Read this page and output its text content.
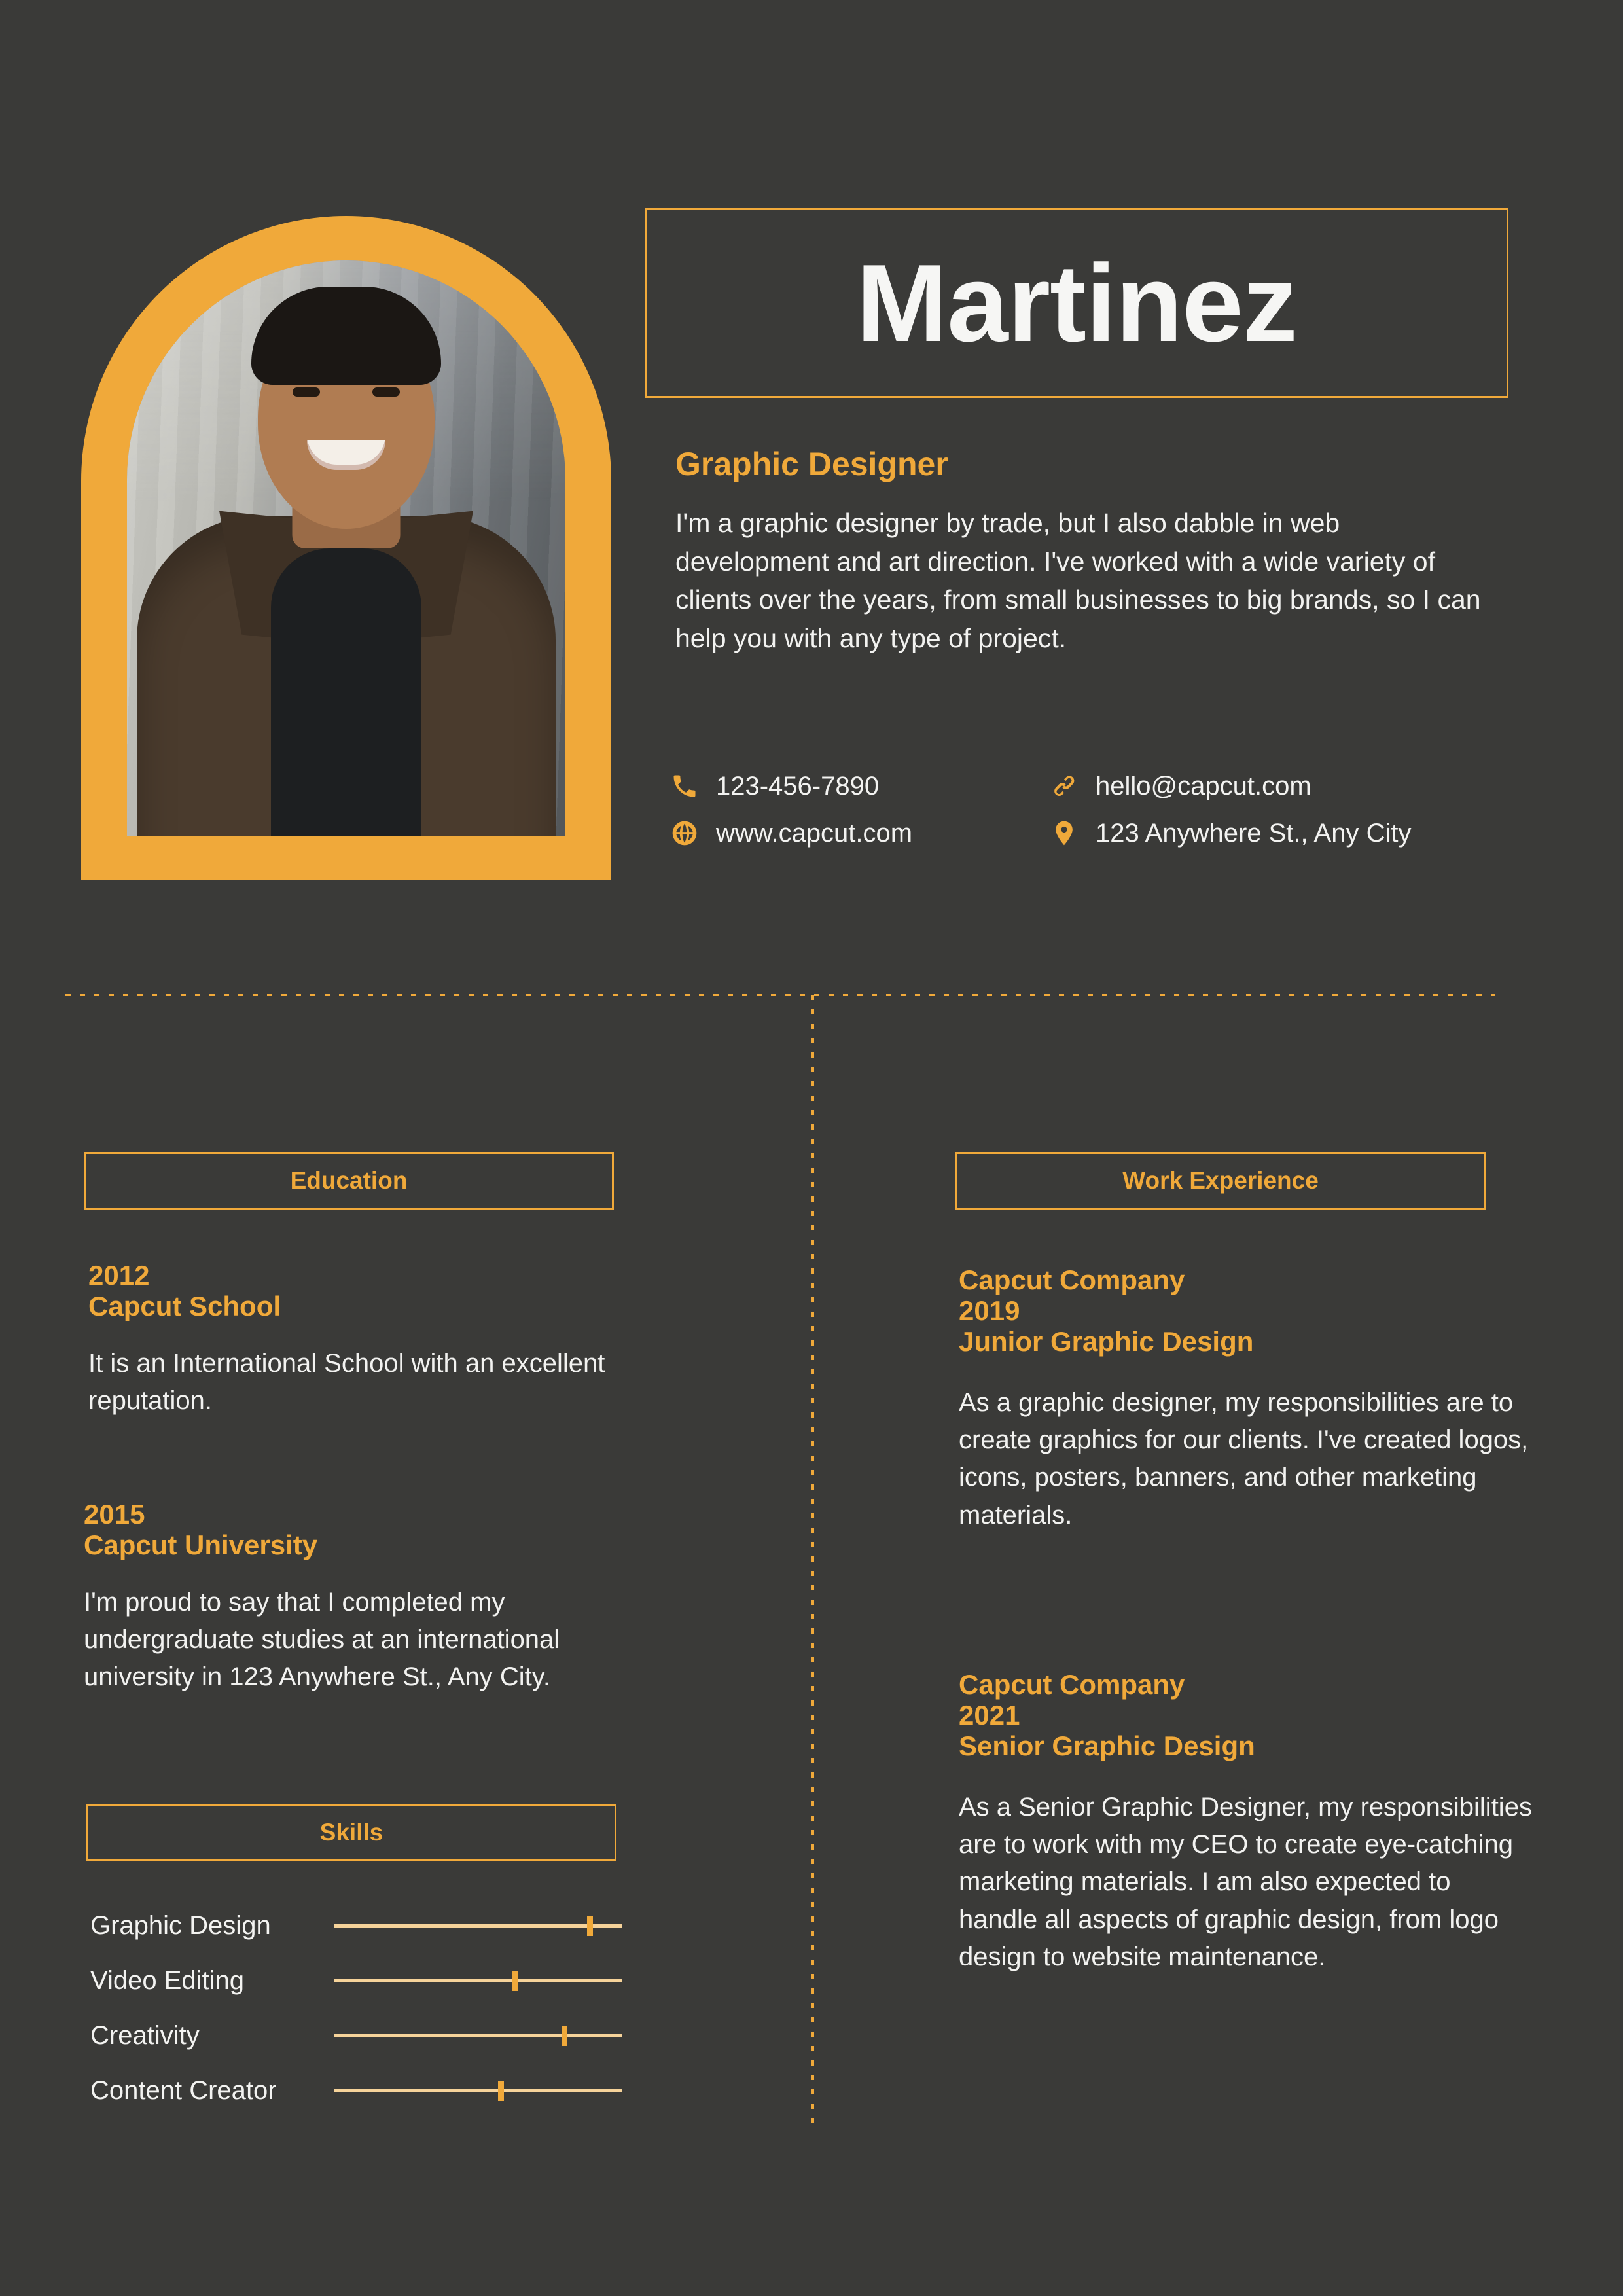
Martinez
Graphic Designer
I'm a graphic designer by trade, but I also dabble in web development and art direction. I've worked with a wide variety of clients over the years, from small businesses to big brands, so I can help you with any type of project.
123-456-7890	hello@capcut.com
www.capcut.com	123 Anywhere St., Any City
Education
2012
Capcut School
It is an International School with an excellent reputation.
2015
Capcut University
I'm proud to say that I completed my undergraduate studies at an international university in 123 Anywhere St., Any City.
Skills
Graphic Design
Video Editing
Creativity
Content Creator
Work Experience
Capcut Company
2019
Junior Graphic Design
As a graphic designer, my responsibilities are to create graphics for our clients. I've created logos, icons, posters, banners, and other marketing materials.
Capcut Company
2021
Senior Graphic Design
As a Senior Graphic Designer, my responsibilities are to work with my CEO to create eye-catching marketing materials. I am also expected to handle all aspects of graphic design, from logo design to website maintenance.
